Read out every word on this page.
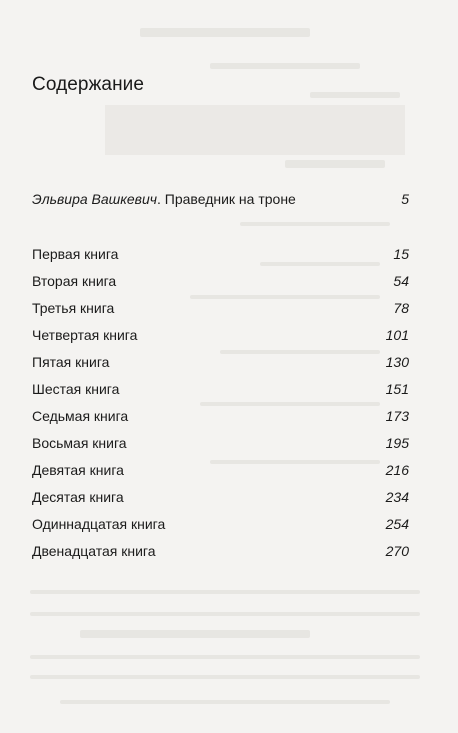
Содержание
Эльвира Вашкевич. Праведник на троне	5
Первая книга	15
Вторая книга	54
Третья книга	78
Четвертая книга	101
Пятая книга	130
Шестая книга	151
Седьмая книга	173
Восьмая книга	195
Девятая книга	216
Десятая книга	234
Одиннадцатая книга	254
Двенадцатая книга	270
